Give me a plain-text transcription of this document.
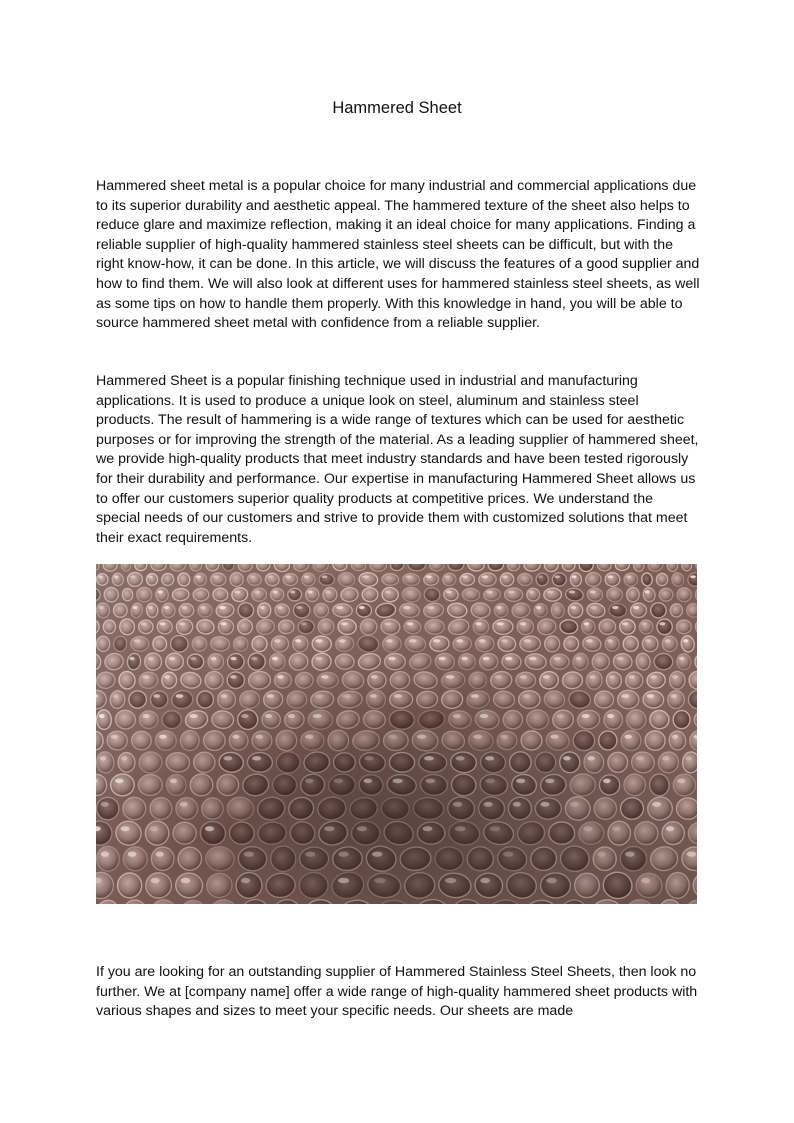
Hammered Sheet

Hammered sheet metal is a popular choice for many industrial and commercial applications due to its superior durability and aesthetic appeal. The hammered texture of the sheet also helps to reduce glare and maximize reflection, making it an ideal choice for many applications. Finding a reliable supplier of high-quality hammered stainless steel sheets can be difficult, but with the right know-how, it can be done. In this article, we will discuss the features of a good supplier and how to find them. We will also look at different uses for hammered stainless steel sheets, as well as some tips on how to handle them properly. With this knowledge in hand, you will be able to source hammered sheet metal with confidence from a reliable supplier.

Hammered Sheet is a popular finishing technique used in industrial and manufacturing applications. It is used to produce a unique look on steel, aluminum and stainless steel products. The result of hammering is a wide range of textures which can be used for aesthetic purposes or for improving the strength of the material. As a leading supplier of hammered sheet, we provide high-quality products that meet industry standards and have been tested rigorously for their durability and performance. Our expertise in manufacturing Hammered Sheet allows us to offer our customers superior quality products at competitive prices. We understand the special needs of our customers and strive to provide them with customized solutions that meet their exact requirements.

If you are looking for an outstanding supplier of Hammered Stainless Steel Sheets, then look no further. We at [company name] offer a wide range of high-quality hammered sheet products with various shapes and sizes to meet your specific needs. Our sheets are made
